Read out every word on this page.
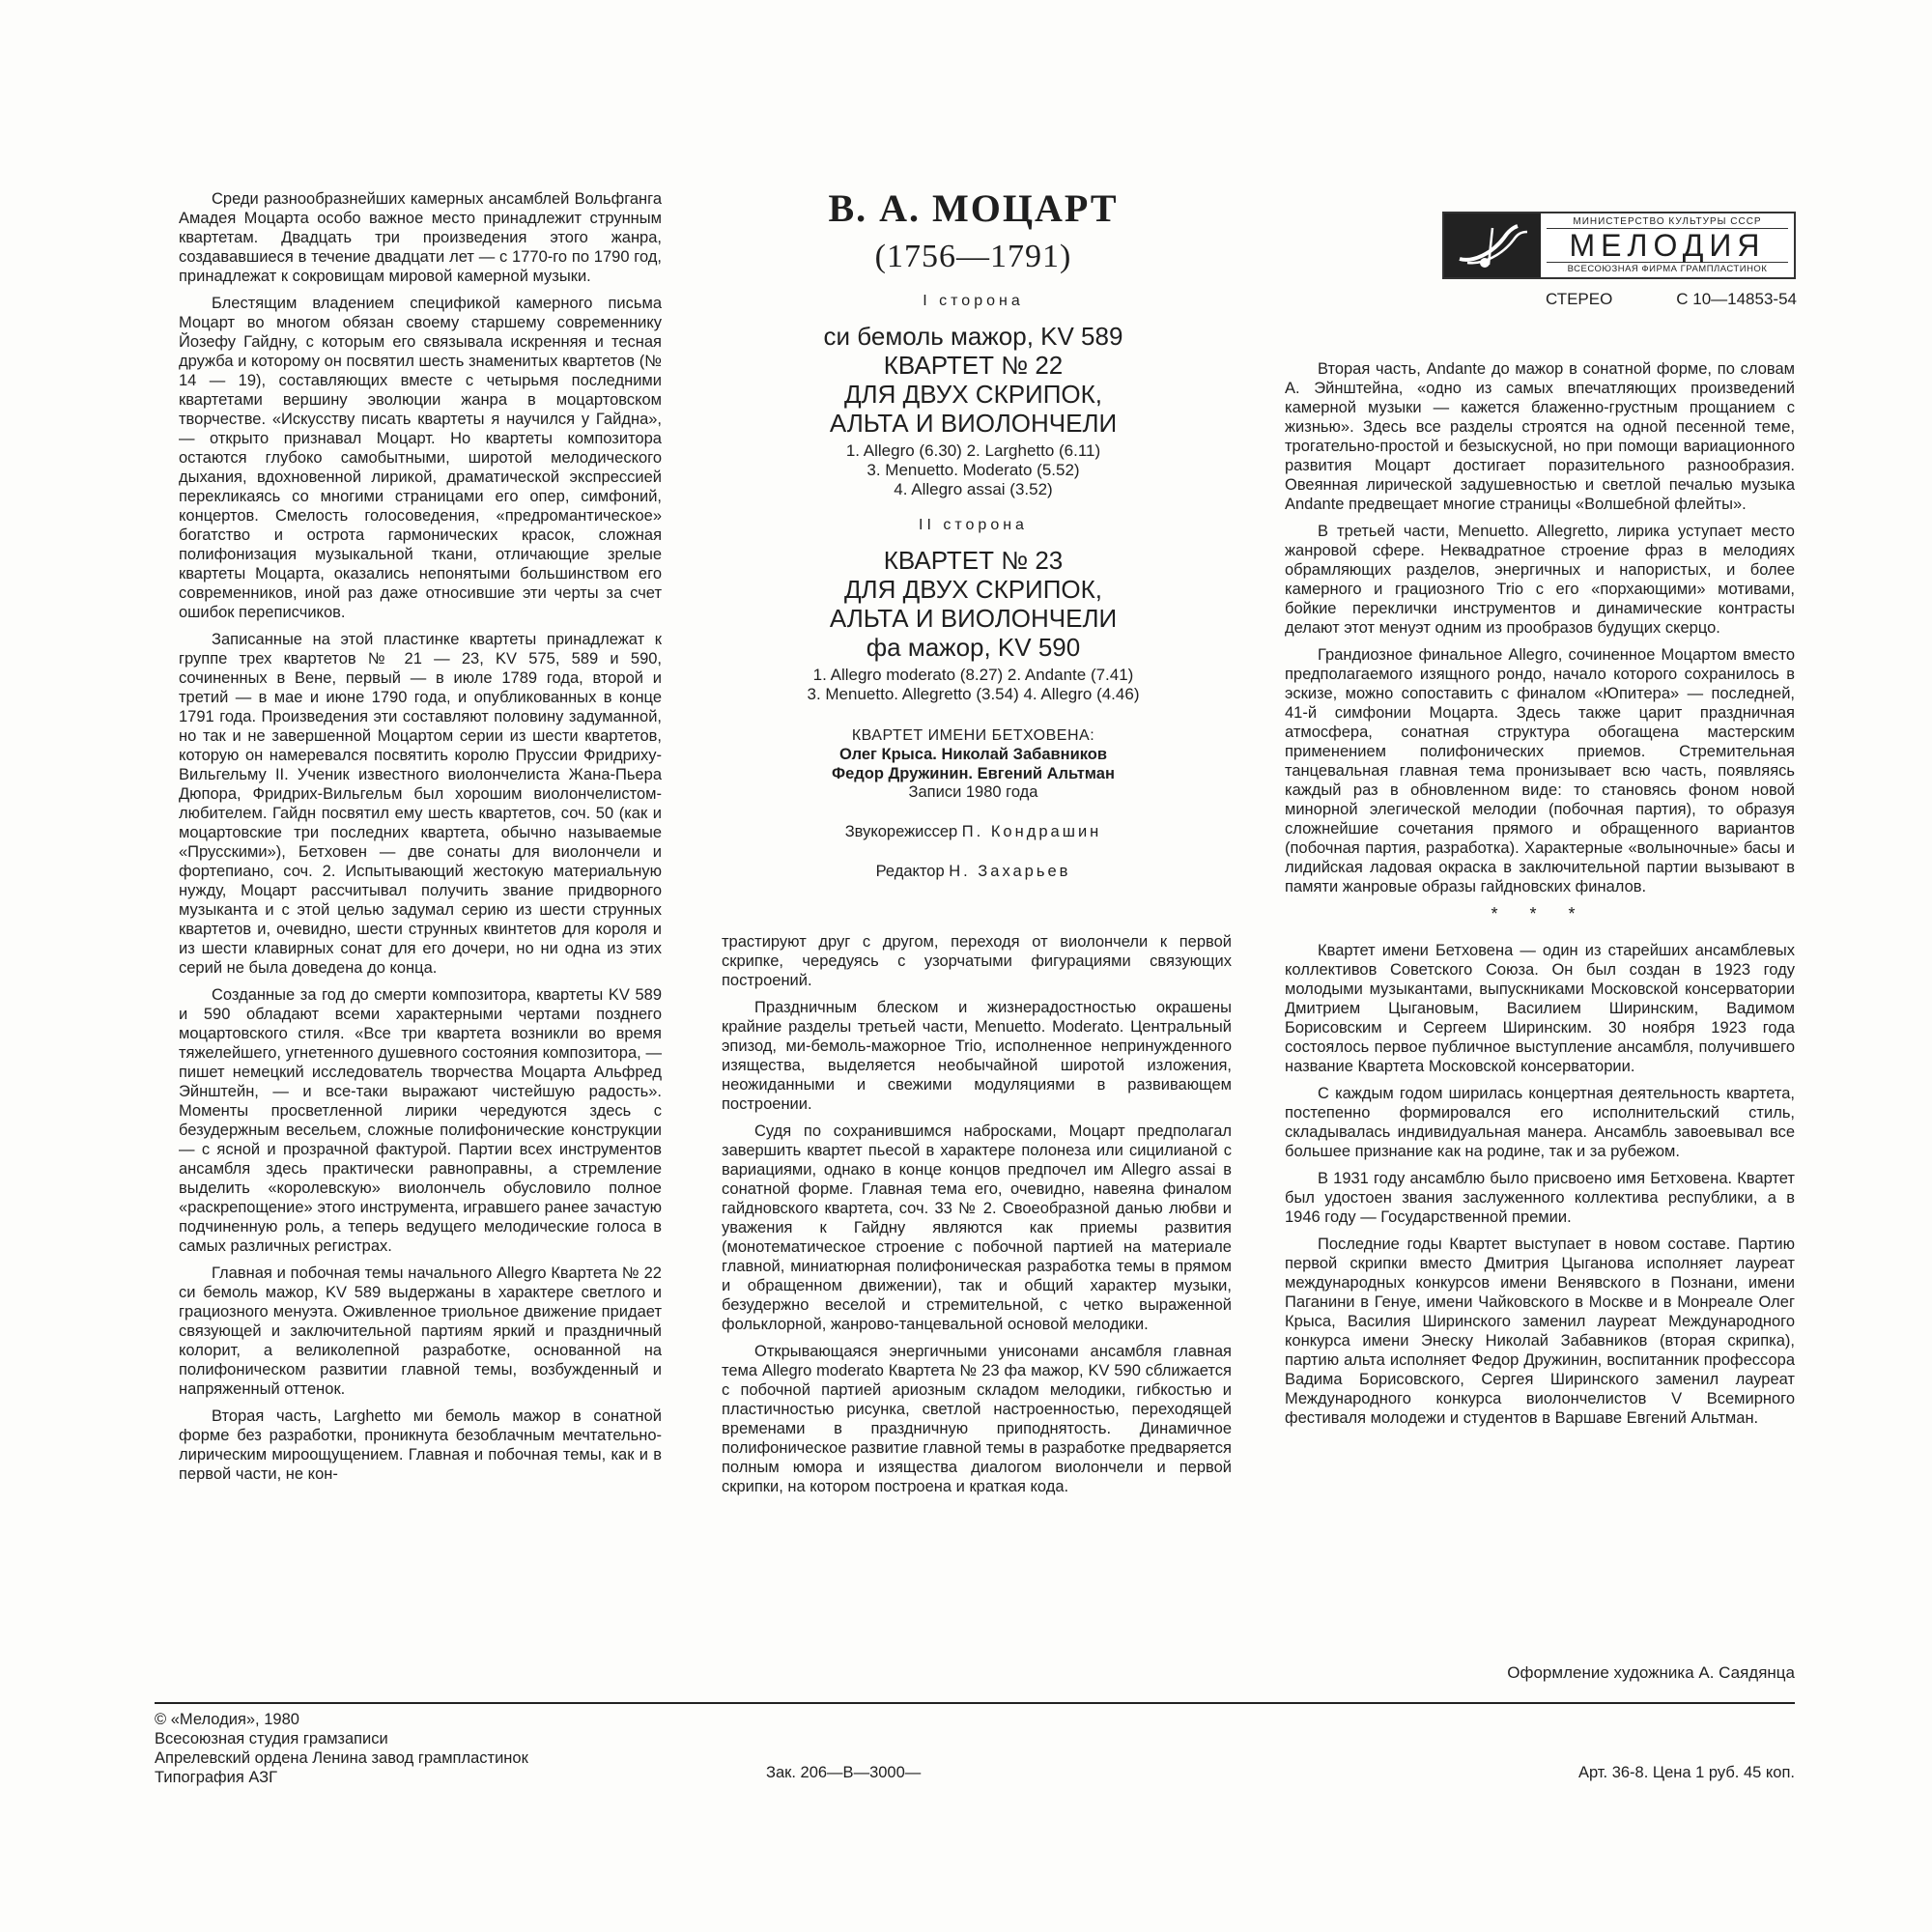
Среди разнообразнейших камерных ансамблей Вольфганга Амадея Моцарта особо важное место принадлежит струнным квартетам. Двадцать три произведения этого жанра, создававшиеся в течение двадцати лет — с 1770-го по 1790 год, принадлежат к сокровищам мировой камерной музыки.

Блестящим владением спецификой камерного письма Моцарт во многом обязан своему старшему современнику Йозефу Гайдну, с которым его связывала искренняя и тесная дружба и которому он посвятил шесть знаменитых квартетов (№ 14 — 19), составляющих вместе с четырьмя последними квартетами вершину эволюции жанра в моцартовском творчестве. «Искусству писать квартеты я научился у Гайдна», — открыто признавал Моцарт. Но квартеты композитора остаются глубоко самобытными, широтой мелодического дыхания, вдохновенной лирикой, драматической экспрессией перекликаясь со многими страницами его опер, симфоний, концертов. Смелость голосоведения, «предромантическое» богатство и острота гармонических красок, сложная полифонизация музыкальной ткани, отличающие зрелые квартеты Моцарта, оказались непонятыми большинством его современников, иной раз даже относившие эти черты за счет ошибок переписчиков.

Записанные на этой пластинке квартеты принадлежат к группе трех квартетов № 21 — 23, KV 575, 589 и 590, сочиненных в Вене, первый — в июле 1789 года, второй и третий — в мае и июне 1790 года, и опубликованных в конце 1791 года. Произведения эти составляют половину задуманной, но так и не завершенной Моцартом серии из шести квартетов, которую он намеревался посвятить королю Пруссии Фридриху-Вильгельму II. Ученик известного виолончелиста Жана-Пьера Дюпора, Фридрих-Вильгельм был хорошим виолончелистом-любителем. Гайдн посвятил ему шесть квартетов, соч. 50 (как и моцартовские три последних квартета, обычно называемые «Прусскими»), Бетховен — две сонаты для виолончели и фортепиано, соч. 2. Испытывающий жестокую материальную нужду, Моцарт рассчитывал получить звание придворного музыканта и с этой целью задумал серию из шести струнных квартетов и, очевидно, шести струнных квинтетов для короля и из шести клавирных сонат для его дочери, но ни одна из этих серий не была доведена до конца.

Созданные за год до смерти композитора, квартеты KV 589 и 590 обладают всеми характерными чертами позднего моцартовского стиля. «Все три квартета возникли во время тяжелейшего, угнетенного душевного состояния композитора, — пишет немецкий исследователь творчества Моцарта Альфред Эйнштейн, — и все-таки выражают чистейшую радость». Моменты просветленной лирики чередуются здесь с безудержным весельем, сложные полифонические конструкции — с ясной и прозрачной фактурой. Партии всех инструментов ансамбля здесь практически равноправны, а стремление выделить «королевскую» виолончель обусловило полное «раскрепощение» этого инструмента, игравшего ранее зачастую подчиненную роль, а теперь ведущего мелодические голоса в самых различных регистрах.

Главная и побочная темы начального Allegro Квартета № 22 си бемоль мажор, KV 589 выдержаны в характере светлого и грациозного менуэта. Оживленное триольное движение придает связующей и заключительной партиям яркий и праздничный колорит, а великолепной разработке, основанной на полифоническом развитии главной темы, возбужденный и напряженный оттенок.

Вторая часть, Larghetto ми бемоль мажор в сонатной форме без разработки, проникнута безоблачным мечтательно-лирическим мироощущением. Главная и побочная темы, как и в первой части, не кон-

В. А. МОЦАРТ
(1756—1791)
I сторона
си бемоль мажор, KV 589
КВАРТЕТ № 22
ДЛЯ ДВУХ СКРИПОК,
АЛЬТА И ВИОЛОНЧЕЛИ
1. Allegro (6.30) 2. Larghetto (6.11)
3. Menuetto. Moderato (5.52)
4. Allegro assai (3.52)
II сторона
КВАРТЕТ № 23
ДЛЯ ДВУХ СКРИПОК,
АЛЬТА И ВИОЛОНЧЕЛИ
фа мажор, KV 590
1. Allegro moderato (8.27) 2. Andante (7.41)
3. Menuetto. Allegretto (3.54) 4. Allegro (4.46)
КВАРТЕТ ИМЕНИ БЕТХОВЕНА:
Олег Крыса. Николай Забавников
Федор Дружинин. Евгений Альтман
Записи 1980 года
Звукорежиссер П. Кондрашин
Редактор Н. Захарьев

трастируют друг с другом, переходя от виолончели к первой скрипке, чередуясь с узорчатыми фигурациями связующих построений.

Праздничным блеском и жизнерадостностью окрашены крайние разделы третьей части, Menuetto. Moderato. Центральный эпизод, ми-бемоль-мажорное Trio, исполненное непринужденного изящества, выделяется необычайной широтой изложения, неожиданными и свежими модуляциями в развивающем построении.

Судя по сохранившимся набросками, Моцарт предполагал завершить квартет пьесой в характере полонеза или сицилианой с вариациями, однако в конце концов предпочел им Allegro assai в сонатной форме. Главная тема его, очевидно, навеяна финалом гайдновского квартета, соч. 33 № 2. Своеобразной данью любви и уважения к Гайдну являются как приемы развития (монотематическое строение с побочной партией на материале главной, миниатюрная полифоническая разработка темы в прямом и обращенном движении), так и общий характер музыки, безудержно веселой и стремительной, с четко выраженной фольклорной, жанрово-танцевальной основой мелодики.

Открывающаяся энергичными унисонами ансамбля главная тема Allegro moderato Квартета № 23 фа мажор, KV 590 сближается с побочной партией ариозным складом мелодики, гибкостью и пластичностью рисунка, светлой настроенностью, переходящей временами в праздничную приподнятость. Динамичное полифоническое развитие главной темы в разработке предваряется полным юмора и изящества диалогом виолончели и первой скрипки, на котором построена и краткая кода.

МИНИСТЕРСТВО КУЛЬТУРЫ СССР
МЕЛОДИЯ
ВСЕСОЮЗНАЯ ФИРМА ГРАМПЛАСТИНОК
СТЕРЕО	С 10—14853-54

Вторая часть, Andante до мажор в сонатной форме, по словам А. Эйнштейна, «одно из самых впечатляющих произведений камерной музыки — кажется блаженно-грустным прощанием с жизнью». Здесь все разделы строятся на одной песенной теме, трогательно-простой и безыскусной, но при помощи вариационного развития Моцарт достигает поразительного разнообразия. Овеянная лирической задушевностью и светлой печалью музыка Andante предвещает многие страницы «Волшебной флейты».

В третьей части, Menuetto. Allegretto, лирика уступает место жанровой сфере. Неквадратное строение фраз в мелодиях обрамляющих разделов, энергичных и напористых, и более камерного и грациозного Trio с его «порхающими» мотивами, бойкие переклички инструментов и динамические контрасты делают этот менуэт одним из прообразов будущих скерцо.

Грандиозное финальное Allegro, сочиненное Моцартом вместо предполагаемого изящного рондо, начало которого сохранилось в эскизе, можно сопоставить с финалом «Юпитера» — последней, 41-й симфонии Моцарта. Здесь также царит праздничная атмосфера, сонатная структура обогащена мастерским применением полифонических приемов. Стремительная танцевальная главная тема пронизывает всю часть, появляясь каждый раз в обновленном виде: то становясь фоном новой минорной элегической мелодии (побочная партия), то образуя сложнейшие сочетания прямого и обращенного вариантов (побочная партия, разработка). Характерные «волыночные» басы и лидийская ладовая окраска в заключительной партии вызывают в памяти жанровые образы гайдновских финалов.

* * *

Квартет имени Бетховена — один из старейших ансамблевых коллективов Советского Союза. Он был создан в 1923 году молодыми музыкантами, выпускниками Московской консерватории Дмитрием Цыгановым, Василием Ширинским, Вадимом Борисовским и Сергеем Ширинским. 30 ноября 1923 года состоялось первое публичное выступление ансамбля, получившего название Квартета Московской консерватории.

С каждым годом ширилась концертная деятельность квартета, постепенно формировался его исполнительский стиль, складывалась индивидуальная манера. Ансамбль завоевывал все большее признание как на родине, так и за рубежом.

В 1931 году ансамблю было присвоено имя Бетховена. Квартет был удостоен звания заслуженного коллектива республики, а в 1946 году — Государственной премии.

Последние годы Квартет выступает в новом составе. Партию первой скрипки вместо Дмитрия Цыганова исполняет лауреат международных конкурсов имени Венявского в Познани, имени Паганини в Генуе, имени Чайковского в Москве и в Монреале Олег Крыса, Василия Ширинского заменил лауреат Международного конкурса имени Энеску Николай Забавников (вторая скрипка), партию альта исполняет Федор Дружинин, воспитанник профессора Вадима Борисовского, Сергея Ширинского заменил лауреат Международного конкурса виолончелистов V Всемирного фестиваля молодежи и студентов в Варшаве Евгений Альтман.

Оформление художника А. Саядянца
© «Мелодия», 1980
Всесоюзная студия грамзаписи
Апрелевский ордена Ленина завод грампластинок
Типография АЗГ	Зак. 206—В—3000—	Арт. 36-8. Цена 1 руб. 45 коп.
